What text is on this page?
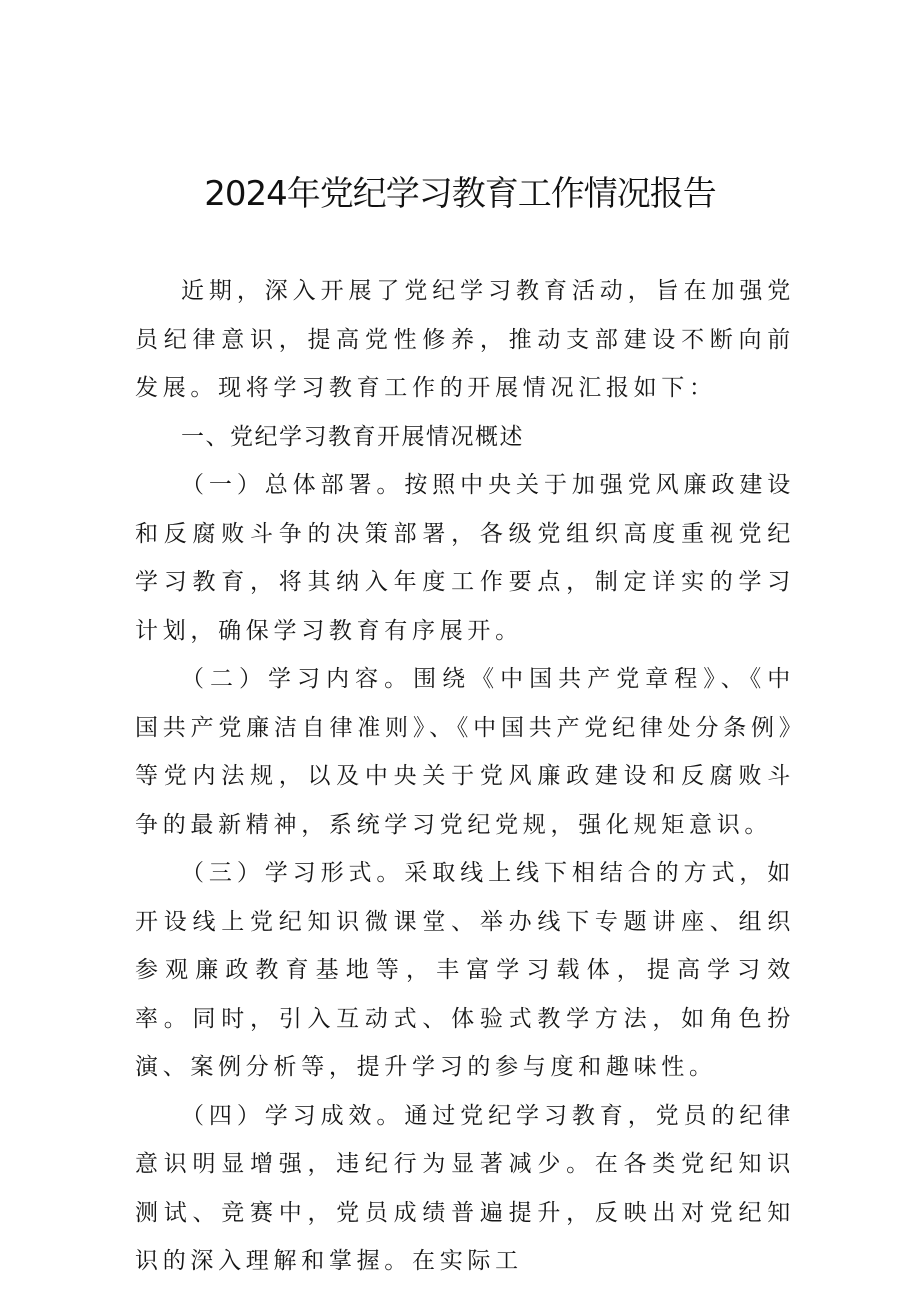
2024年党纪学习教育工作情况报告

近期，深入开展了党纪学习教育活动，旨在加强党员纪律意识，提高党性修养，推动支部建设不断向前发展。现将学习教育工作的开展情况汇报如下：

一、党纪学习教育开展情况概述

（一）总体部署。按照中央关于加强党风廉政建设和反腐败斗争的决策部署，各级党组织高度重视党纪学习教育，将其纳入年度工作要点，制定详实的学习计划，确保学习教育有序展开。

（二）学习内容。围绕《中国共产党章程》、《中国共产党廉洁自律准则》、《中国共产党纪律处分条例》等党内法规，以及中央关于党风廉政建设和反腐败斗争的最新精神，系统学习党纪党规，强化规矩意识。

（三）学习形式。采取线上线下相结合的方式，如开设线上党纪知识微课堂、举办线下专题讲座、组织参观廉政教育基地等，丰富学习载体，提高学习效率。同时，引入互动式、体验式教学方法，如角色扮演、案例分析等，提升学习的参与度和趣味性。

（四）学习成效。通过党纪学习教育，党员的纪律意识明显增强，违纪行为显著减少。在各类党纪知识测试、竞赛中，党员成绩普遍提升，反映出对党纪知识的深入理解和掌握。在实际工
